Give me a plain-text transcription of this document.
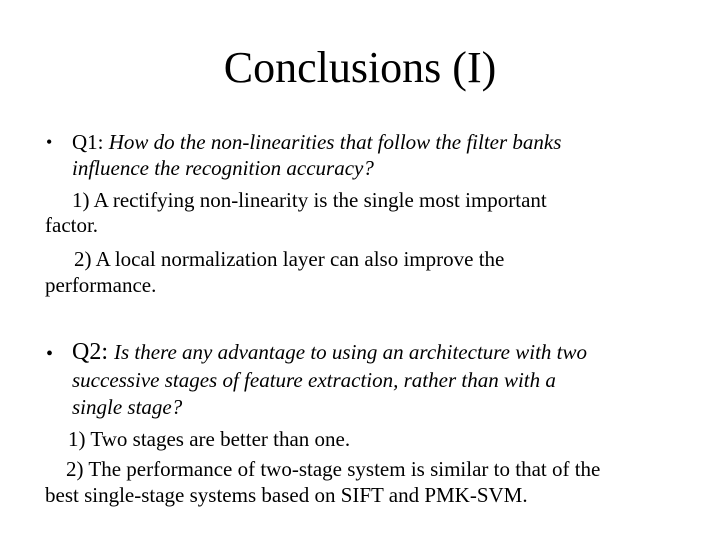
Conclusions (I)
• Q1: How do the non-linearities that follow the filter banks
influence the recognition accuracy?
1) A rectifying non-linearity is the single most important
factor.
2) A local normalization layer can also improve the
performance.
• Q2: Is there any advantage to using an architecture with two
successive stages of feature extraction, rather than with a
single stage?
1) Two stages are better than one.
2) The performance of two-stage system is similar to that of the
best single-stage systems based on SIFT and PMK-SVM.
